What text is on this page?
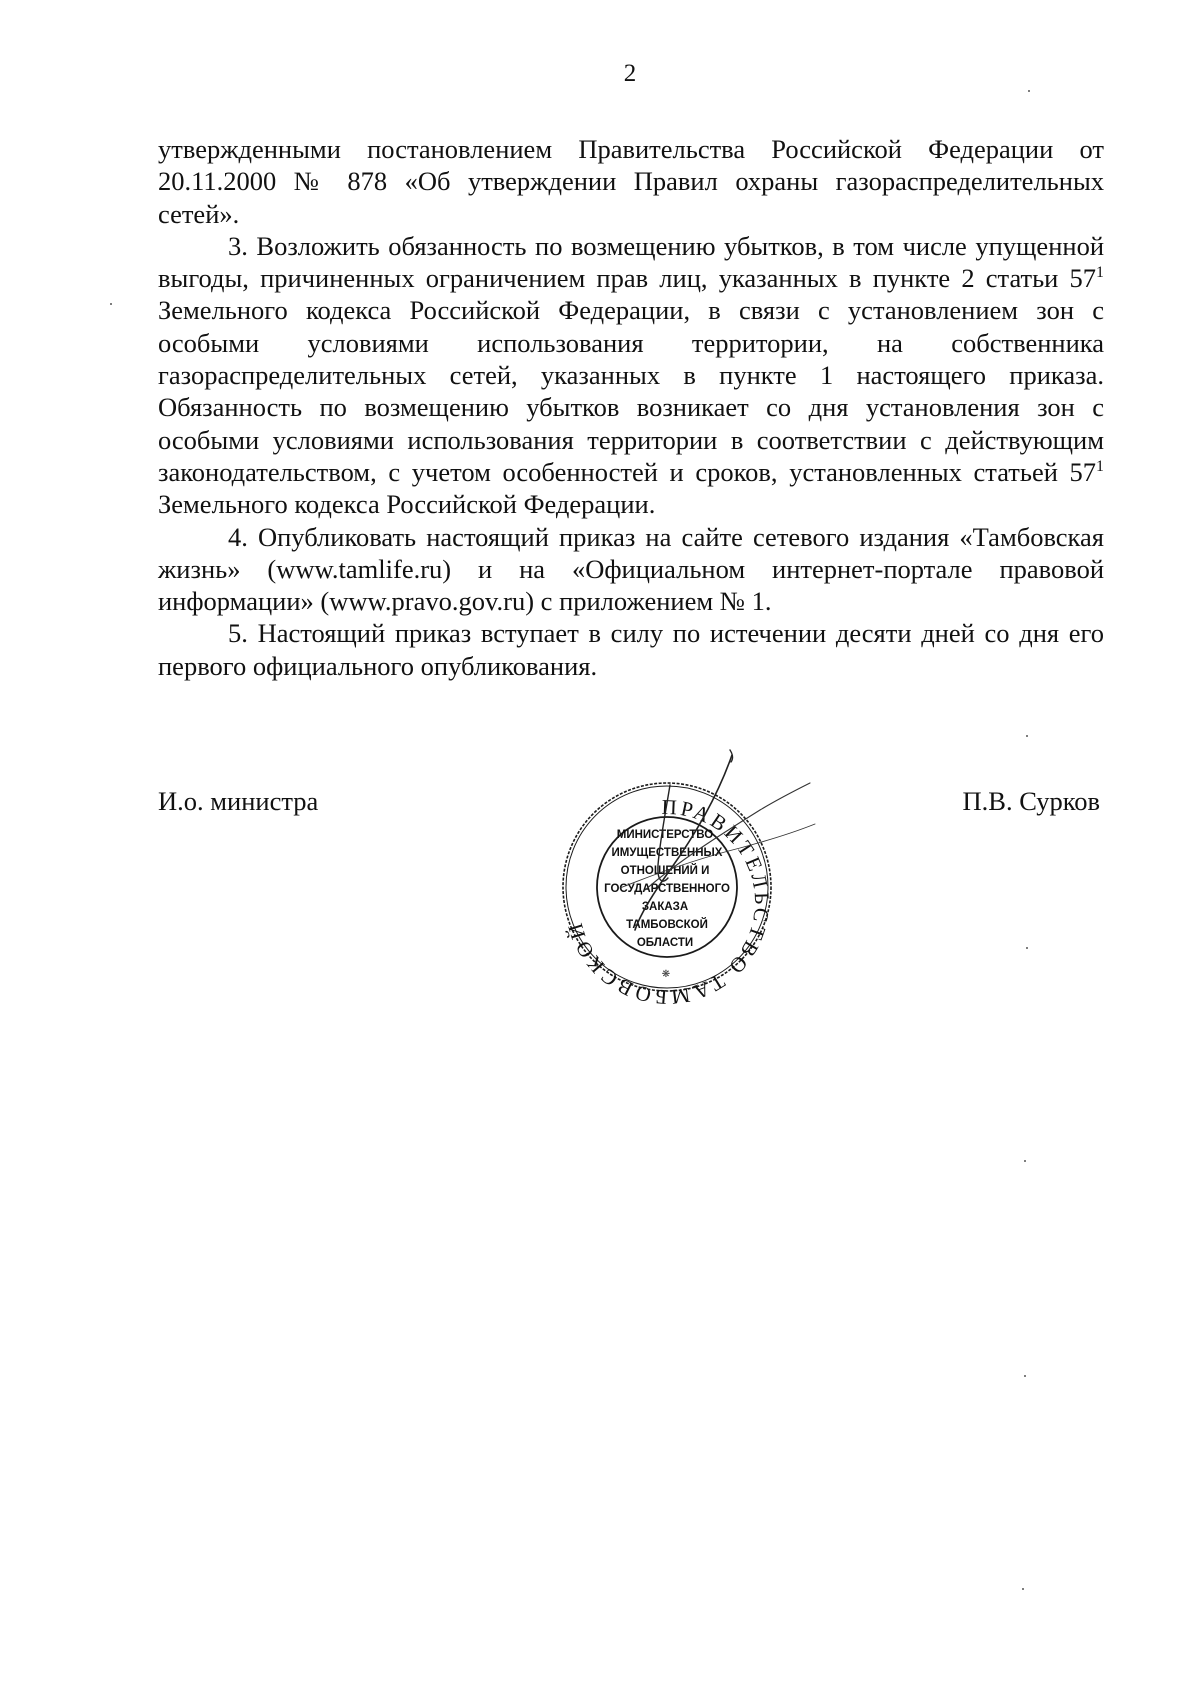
2

утвержденными постановлением Правительства Российской Федерации от 20.11.2000 № 878 «Об утверждении Правил охраны газораспределительных сетей».

3. Возложить обязанность по возмещению убытков, в том числе упущенной выгоды, причиненных ограничением прав лиц, указанных в пункте 2 статьи $57^1$ Земельного кодекса Российской Федерации, в связи с установлением зон с особыми условиями использования территории, на собственника газораспределительных сетей, указанных в пункте 1 настоящего приказа. Обязанность по возмещению убытков возникает со дня установления зон с особыми условиями использования территории в соответствии с действующим законодательством, с учетом особенностей и сроков, установленных статьей $57^1$ Земельного кодекса Российской Федерации.

4. Опубликовать настоящий приказ на сайте сетевого издания «Тамбовская жизнь» (www.tamlife.ru) и на «Официальном интернет-портале правовой информации» (www.pravo.gov.ru) с приложением № 1.

5. Настоящий приказ вступает в силу по истечении десяти дней со дня его первого официального опубликования.

И.о. министра	П.В. Сурков
ПРАВИТЕЛЬСТВО ТАМБОВСКОЙ
МИНИСТЕРСТВО
ИМУЩЕСТВЕННЫХ
ОТНОШЕНИЙ И
ГОСУДАРСТВЕННОГО
ЗАКАЗА
ТАМБОВСКОЙ
ОБЛАСТИ
❋
